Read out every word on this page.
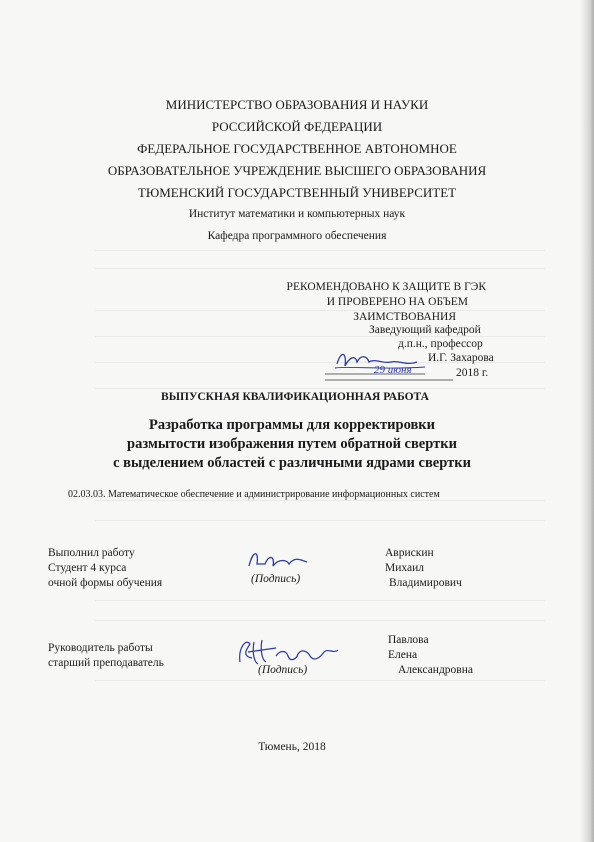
МИНИСТЕРСТВО ОБРАЗОВАНИЯ И НАУКИ
РОССИЙСКОЙ ФЕДЕРАЦИИ
ФЕДЕРАЛЬНОЕ ГОСУДАРСТВЕННОЕ АВТОНОМНОЕ
ОБРАЗОВАТЕЛЬНОЕ УЧРЕЖДЕНИЕ ВЫСШЕГО ОБРАЗОВАНИЯ
ТЮМЕНСКИЙ ГОСУДАРСТВЕННЫЙ УНИВЕРСИТЕТ
Институт математики и компьютерных наук
Кафедра программного обеспечения
РЕКОМЕНДОВАНО К ЗАЩИТЕ В ГЭК
И ПРОВЕРЕНО НА ОБЪЕМ
ЗАИМСТВОВАНИЯ
Заведующий кафедрой
д.п.н., профессор
И.Г. Захарова
2018 г.
29 июня
ВЫПУСКНАЯ КВАЛИФИКАЦИОННАЯ РАБОТА
Разработка программы для корректировки
размытости изображения путем обратной свертки
с выделением областей с различными ядрами свертки
02.03.03. Математическое обеспечение и администрирование информационных систем
Выполнил работу
Студент 4 курса
очной формы обучения	(Подпись)
Аврискин
Михаил
Владимирович
Руководитель работы
старший преподаватель
(Подпись)
Павлова
Елена
Александровна
Тюмень, 2018
